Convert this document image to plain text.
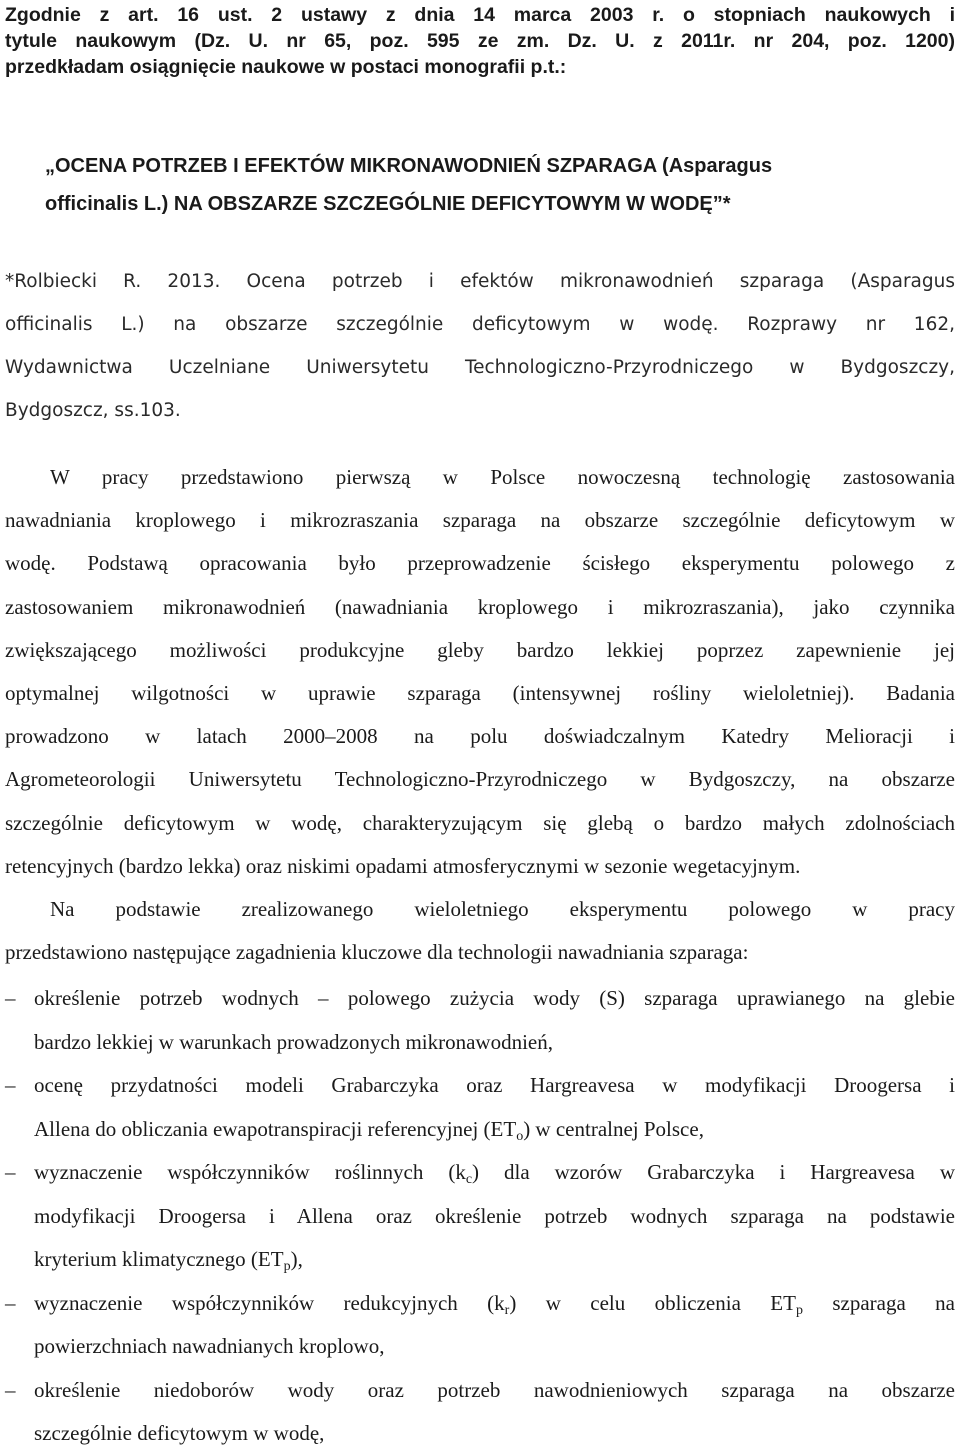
Zgodnie z art. 16 ust. 2 ustawy z dnia 14 marca 2003 r. o stopniach naukowych i
tytule naukowym (Dz. U. nr 65, poz. 595 ze zm. Dz. U. z 2011r. nr 204, poz. 1200)
przedkładam osiągnięcie naukowe w postaci monografii p.t.:
„OCENA POTRZEB I EFEKTÓW MIKRONAWODNIEŃ SZPARAGA (Asparagus
officinalis L.) NA OBSZARZE SZCZEGÓLNIE DEFICYTOWYM W WODĘ”*
*Rolbiecki R. 2013. Ocena potrzeb i efektów mikronawodnień szparaga (Asparagus
officinalis L.) na obszarze szczególnie deficytowym w wodę. Rozprawy nr 162,
Wydawnictwa Uczelniane Uniwersytetu Technologiczno-Przyrodniczego w Bydgoszczy,
Bydgoszcz, ss.103.
W pracy przedstawiono pierwszą w Polsce nowoczesną technologię zastosowania
nawadniania kroplowego i mikrozraszania szparaga na obszarze szczególnie deficytowym w
wodę. Podstawą opracowania było przeprowadzenie ścisłego eksperymentu polowego z
zastosowaniem mikronawodnień (nawadniania kroplowego i mikrozraszania), jako czynnika
zwiększającego możliwości produkcyjne gleby bardzo lekkiej poprzez zapewnienie jej
optymalnej wilgotności w uprawie szparaga (intensywnej rośliny wieloletniej). Badania
prowadzono w latach 2000–2008 na polu doświadczalnym Katedry Melioracji i
Agrometeorologii Uniwersytetu Technologiczno-Przyrodniczego w Bydgoszczy, na obszarze
szczególnie deficytowym w wodę, charakteryzującym się glebą o bardzo małych zdolnościach
retencyjnych (bardzo lekka) oraz niskimi opadami atmosferycznymi w sezonie wegetacyjnym.
Na podstawie zrealizowanego wieloletniego eksperymentu polowego w pracy
przedstawiono następujące zagadnienia kluczowe dla technologii nawadniania szparaga:
– określenie potrzeb wodnych – polowego zużycia wody (S) szparaga uprawianego na glebie
bardzo lekkiej w warunkach prowadzonych mikronawodnień,
– ocenę przydatności modeli Grabarczyka oraz Hargreavesa w modyfikacji Droogersa i
Allena do obliczania ewapotranspiracji referencyjnej $(ET_o)$ w centralnej Polsce,
– wyznaczenie współczynników roślinnych $(k_c)$ dla wzorów Grabarczyka i Hargreavesa w
modyfikacji Droogersa i Allena oraz określenie potrzeb wodnych szparaga na podstawie
kryterium klimatycznego $(ET_p)$,
– wyznaczenie współczynników redukcyjnych $(k_r)$ w celu obliczenia $ET_p$ szparaga na
powierzchniach nawadnianych kroplowo,
– określenie niedoborów wody oraz potrzeb nawodnieniowych szparaga na obszarze
szczególnie deficytowym w wodę,
